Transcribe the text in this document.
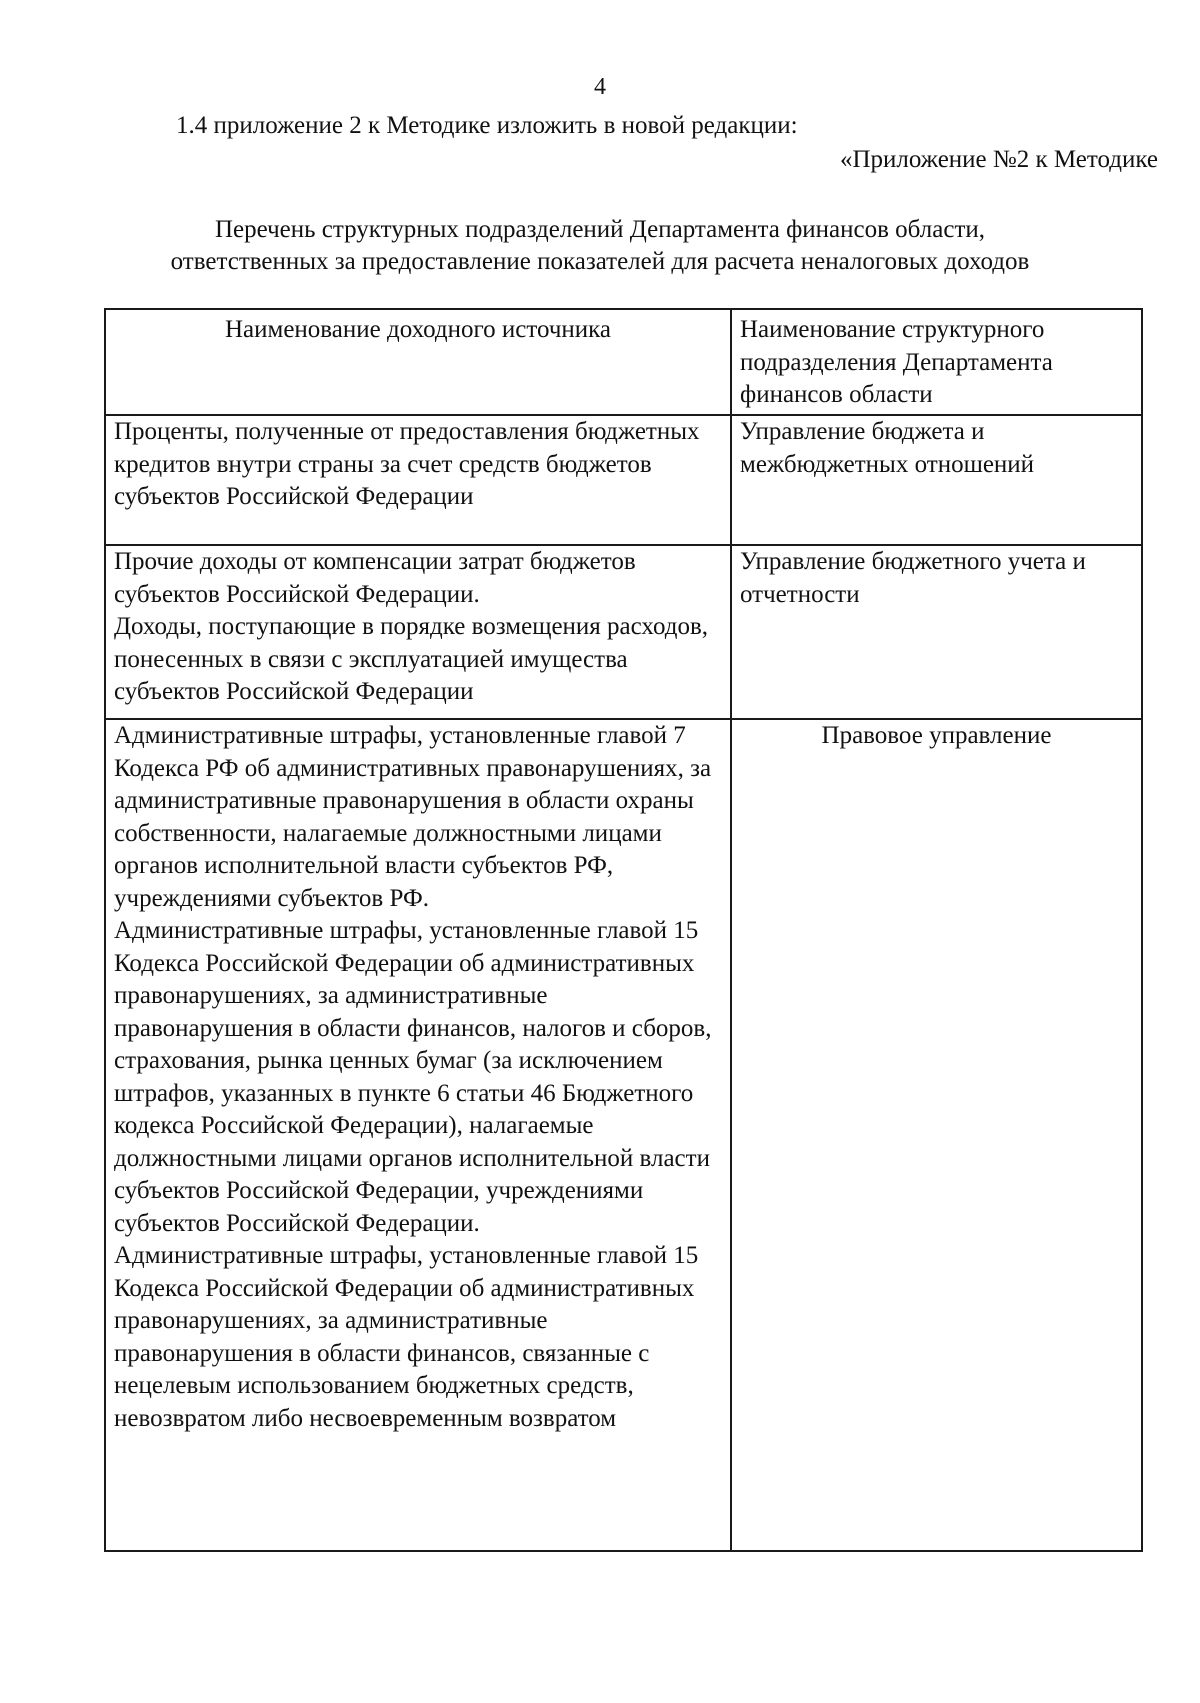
4
1.4 приложение 2 к Методике изложить в новой редакции:
«Приложение №2 к Методике
Перечень структурных подразделений Департамента финансов области,
ответственных за предоставление показателей для расчета неналоговых доходов
Наименование доходного источника	Наименование структурного подразделения Департамента финансов области

Проценты, полученные от предоставления бюджетных кредитов внутри страны за счет средств бюджетов субъектов Российской Федерации	Управление бюджета и межбюджетных отношений

Прочие доходы от компенсации затрат бюджетов субъектов Российской Федерации.
Доходы, поступающие в порядке возмещения расходов, понесенных в связи с эксплуатацией имущества субъектов Российской Федерации	Управление бюджетного учета и отчетности

Административные штрафы, установленные главой 7 Кодекса РФ об административных правонарушениях, за административные правонарушения в области охраны собственности, налагаемые должностными лицами органов исполнительной власти субъектов РФ, учреждениями субъектов РФ.
Административные штрафы, установленные главой 15 Кодекса Российской Федерации об административных правонарушениях, за административные правонарушения в области финансов, налогов и сборов, страхования, рынка ценных бумаг (за исключением штрафов, указанных в пункте 6 статьи 46 Бюджетного кодекса Российской Федерации), налагаемые должностными лицами органов исполнительной власти субъектов Российской Федерации, учреждениями субъектов Российской Федерации.
Административные штрафы, установленные главой 15 Кодекса Российской Федерации об административных правонарушениях, за административные правонарушения в области финансов, связанные с нецелевым использованием бюджетных средств, невозвратом либо несвоевременным возвратом	Правовое управление
